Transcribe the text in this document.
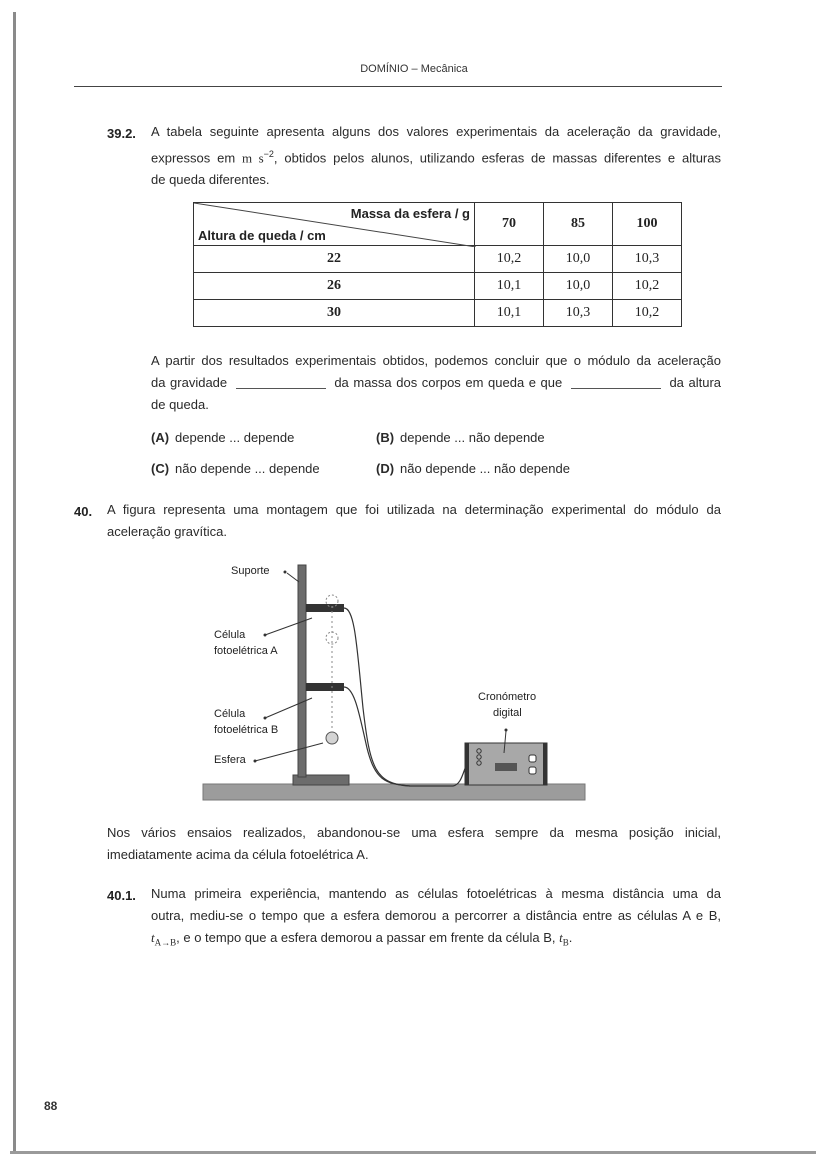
DOMÍNIO – Mecânica
39.2. A tabela seguinte apresenta alguns dos valores experimentais da aceleração da gravidade,
expressos em m $s^{-2}$, obtidos pelos alunos, utilizando esferas de massas diferentes e alturas
de queda diferentes.
Massa da esfera / g
Altura de queda / cm	70	85	100
22	10,2	10,0	10,3
26	10,1	10,0	10,2
30	10,1	10,3	10,2
A partir dos resultados experimentais obtidos, podemos concluir que o módulo da aceleração
da gravidade	da massa dos corpos em queda e que	da altura
de queda.
(A) depende ... depende	(B) depende ... não depende
(C) não depende ... depende	(D) não depende ... não depende
40. A figura representa uma montagem que foi utilizada na determinação experimental do módulo da
aceleração gravítica.
Suporte
Célula
fotoelétrica A
Célula
fotoelétrica B
Esfera
Cronómetro
digital
Nos vários ensaios realizados, abandonou-se uma esfera sempre da mesma posição inicial,
imediatamente acima da célula fotoelétrica A.
40.1. Numa primeira experiência, mantendo as células fotoelétricas à mesma distância uma da
outra, mediu-se o tempo que a esfera demorou a percorrer a distância entre as células A e B,
$t_{A\to B}$, e o tempo que a esfera demorou a passar em frente da célula B, $t_B$.
88
